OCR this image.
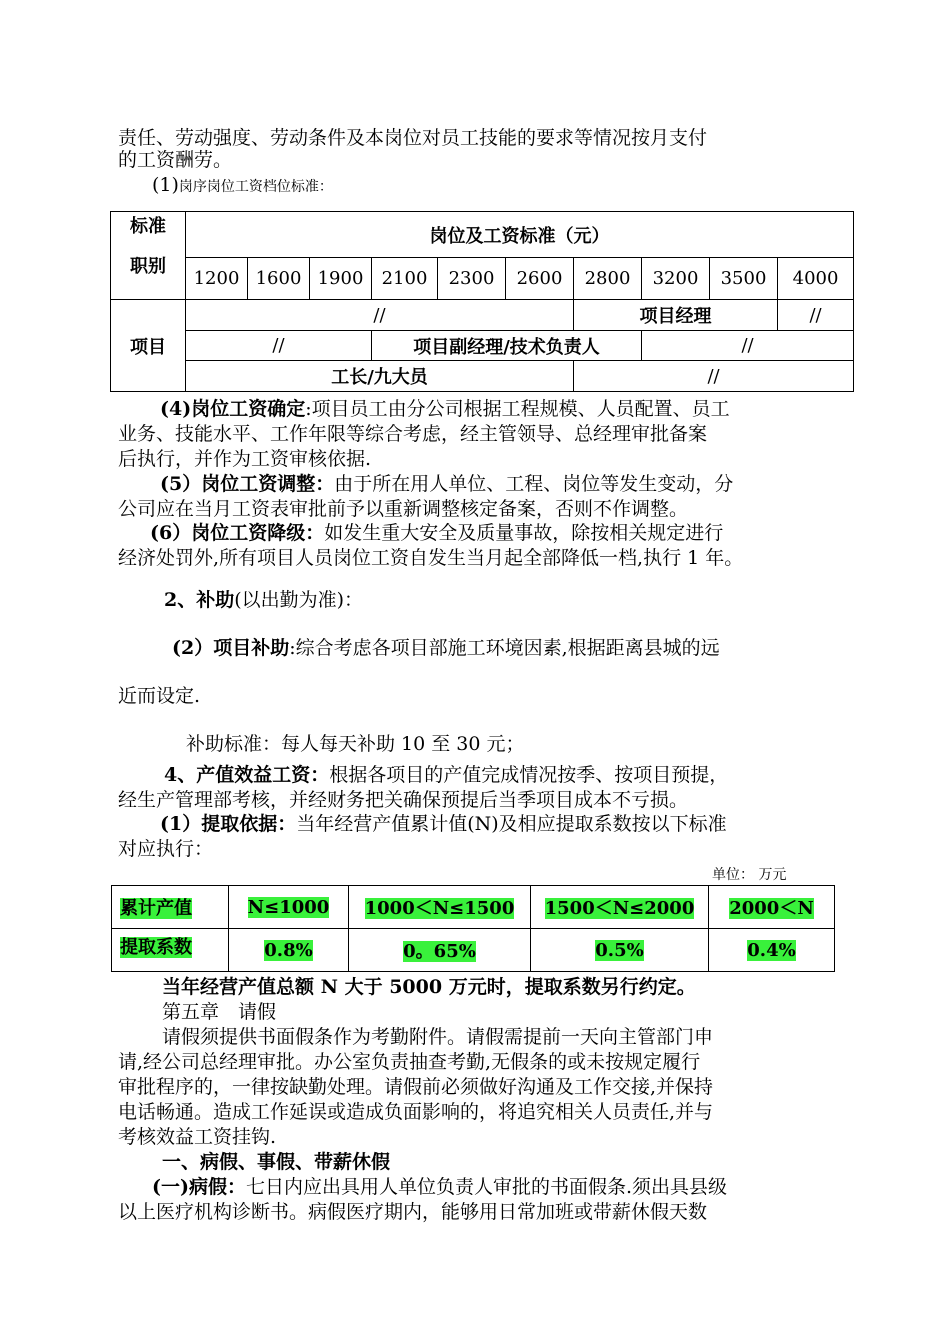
责任、劳动强度、劳动条件及本岗位对员工技能的要求等情况按月支付
的工资酬劳。
(1)岗序岗位工资档位标准：
标准
职别	岗位及工资标准（元）									
	1200	1600	1900	2100	2300	2600	2800	3200	3500	4000
项目	//						项目经理			//
	//			项目副经理/技术负责人				//		
	工长/九大员						//			
(4)岗位工资确定:项目员工由分公司根据工程规模、人员配置、员工
业务、技能水平、工作年限等综合考虑，经主管领导、总经理审批备案
后执行，并作为工资审核依据.
(5）岗位工资调整：由于所在用人单位、工程、岗位等发生变动，分
公司应在当月工资表审批前予以重新调整核定备案，否则不作调整。
(6）岗位工资降级：如发生重大安全及质量事故，除按相关规定进行
经济处罚外,所有项目人员岗位工资自发生当月起全部降低一档,执行 1 年。
2、补助(以出勤为准)：
(2）项目补助:综合考虑各项目部施工环境因素,根据距离县城的远
近而设定.
补助标准：每人每天补助 10 至 30 元；
4、产值效益工资：根据各项目的产值完成情况按季、按项目预提，
经生产管理部考核，并经财务把关确保预提后当季项目成本不亏损。
(1）提取依据：当年经营产值累计值(N)及相应提取系数按以下标准
对应执行：
单位： 万元
累计产值	N≤1000	1000＜N≤1500	1500＜N≤2000	2000＜N
提取系数	0.8%	0。65%	0.5%	0.4%
当年经营产值总额 N 大于 5000 万元时，提取系数另行约定。
第五章　请假
请假须提供书面假条作为考勤附件。请假需提前一天向主管部门申
请,经公司总经理审批。办公室负责抽查考勤,无假条的或未按规定履行
审批程序的，一律按缺勤处理。请假前必须做好沟通及工作交接,并保持
电话畅通。造成工作延误或造成负面影响的，将追究相关人员责任,并与
考核效益工资挂钩.
一、病假、事假、带薪休假
(一)病假：七日内应出具用人单位负责人审批的书面假条.须出具县级
以上医疗机构诊断书。病假医疗期内，能够用日常加班或带薪休假天数
